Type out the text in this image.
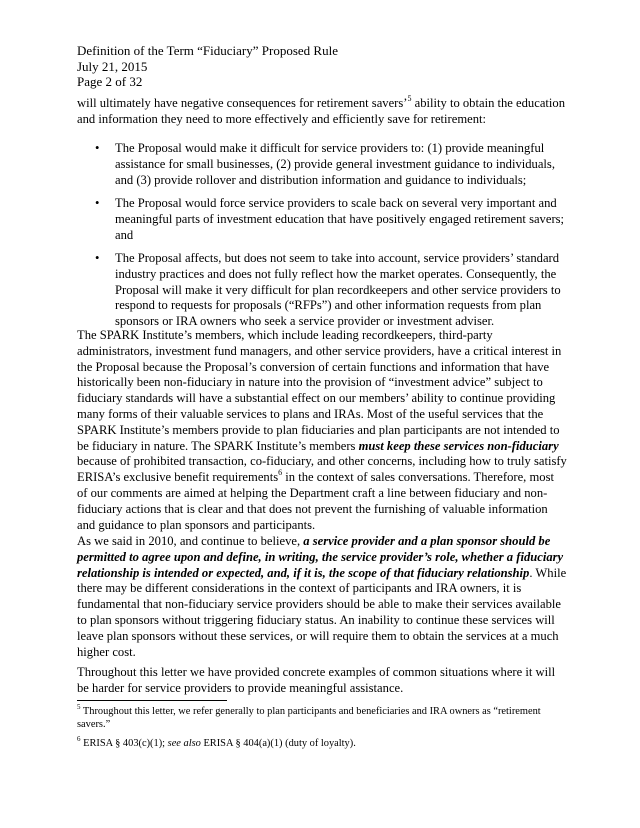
Definition of the Term “Fiduciary” Proposed Rule
July 21, 2015
Page 2 of 32

will ultimately have negative consequences for retirement savers’$^5$ ability to obtain the education and information they need to more effectively and efficiently save for retirement:

• The Proposal would make it difficult for service providers to: (1) provide meaningful assistance for small businesses, (2) provide general investment guidance to individuals, and (3) provide rollover and distribution information and guidance to individuals;
• The Proposal would force service providers to scale back on several very important and meaningful parts of investment education that have positively engaged retirement savers; and
• The Proposal affects, but does not seem to take into account, service providers’ standard industry practices and does not fully reflect how the market operates. Consequently, the Proposal will make it very difficult for plan recordkeepers and other service providers to respond to requests for proposals (“RFPs”) and other information requests from plan sponsors or IRA owners who seek a service provider or investment adviser.

The SPARK Institute’s members, which include leading recordkeepers, third-party administrators, investment fund managers, and other service providers, have a critical interest in the Proposal because the Proposal’s conversion of certain functions and information that have historically been non-fiduciary in nature into the provision of “investment advice” subject to fiduciary standards will have a substantial effect on our members’ ability to continue providing many forms of their valuable services to plans and IRAs. Most of the useful services that the SPARK Institute’s members provide to plan fiduciaries and plan participants are not intended to be fiduciary in nature. The SPARK Institute’s members must keep these services non-fiduciary because of prohibited transaction, co-fiduciary, and other concerns, including how to truly satisfy ERISA’s exclusive benefit requirements$^6$ in the context of sales conversations. Therefore, most of our comments are aimed at helping the Department craft a line between fiduciary and non-fiduciary actions that is clear and that does not prevent the furnishing of valuable information and guidance to plan sponsors and participants.

As we said in 2010, and continue to believe, a service provider and a plan sponsor should be permitted to agree upon and define, in writing, the service provider’s role, whether a fiduciary relationship is intended or expected, and, if it is, the scope of that fiduciary relationship. While there may be different considerations in the context of participants and IRA owners, it is fundamental that non-fiduciary service providers should be able to make their services available to plan sponsors without triggering fiduciary status. An inability to continue these services will leave plan sponsors without these services, or will require them to obtain the services at a much higher cost.

Throughout this letter we have provided concrete examples of common situations where it will be harder for service providers to provide meaningful assistance.

$^5$ Throughout this letter, we refer generally to plan participants and beneficiaries and IRA owners as “retirement savers.”

$^6$ ERISA § 403(c)(1); see also ERISA § 404(a)(1) (duty of loyalty).
